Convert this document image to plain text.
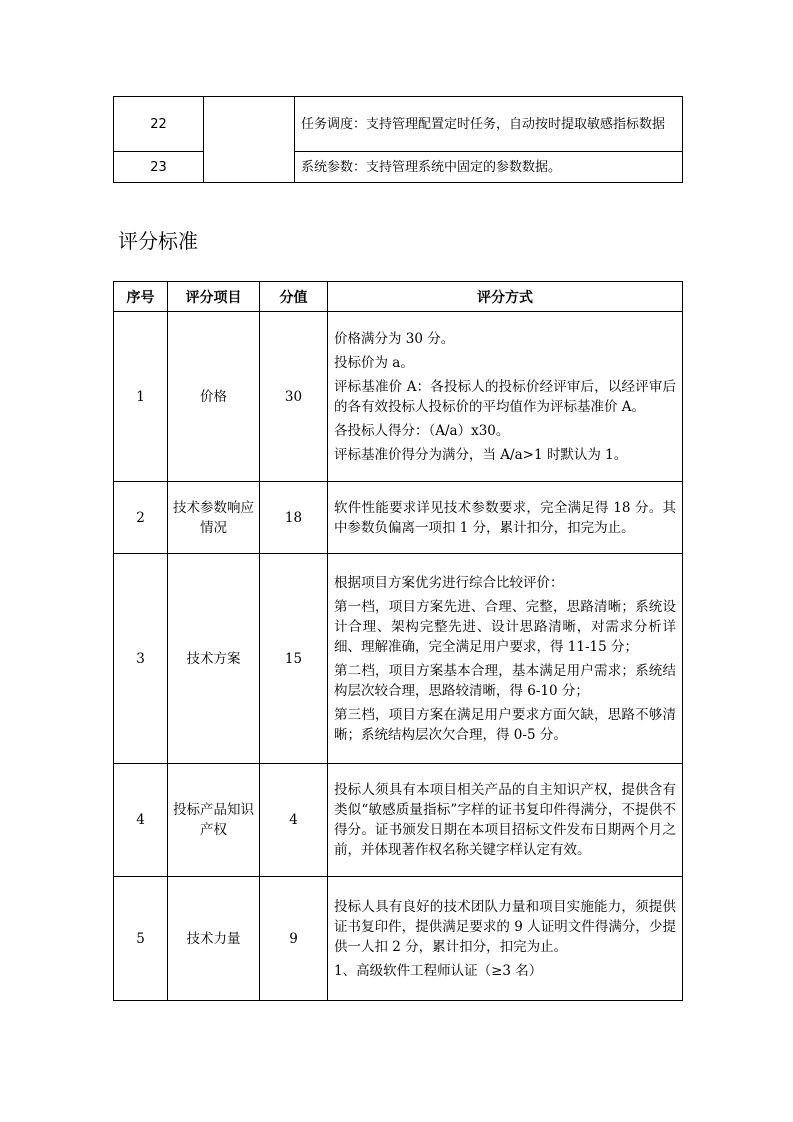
22		任务调度：支持管理配置定时任务，自动按时提取敏感指标数据
23		系统参数：支持管理系统中固定的参数数据。
评分标准
序号	评分项目	分值	评分方式
1	价格	30	价格满分为 30 分。

投标价为 a。

评标基准价 A：各投标人的投标价经评审后，以经评审后的各有效投标人投标价的平均值作为评标基准价 A。

各投标人得分：（A/a）x30。

评标基准价得分为满分，当 A/a>1 时默认为 1。

2	技术参数响应情况	18	软件性能要求详见技术参数要求，完全满足得 18 分。其中参数负偏离一项扣 1 分，累计扣分，扣完为止。

3	技术方案	15	根据项目方案优劣进行综合比较评价：

第一档，项目方案先进、合理、完整，思路清晰；系统设计合理、架构完整先进、设计思路清晰，对需求分析详细、理解准确，完全满足用户要求，得 11-15 分；

第二档，项目方案基本合理，基本满足用户需求；系统结构层次较合理，思路较清晰，得 6-10 分；

第三档，项目方案在满足用户要求方面欠缺，思路不够清晰；系统结构层次欠合理，得 0-5 分。

4	投标产品知识产权	4	投标人须具有本项目相关产品的自主知识产权，提供含有类似“敏感质量指标”字样的证书复印件得满分，不提供不得分。证书颁发日期在本项目招标文件发布日期两个月之前，并体现著作权名称关键字样认定有效。

5	技术力量	9	投标人具有良好的技术团队力量和项目实施能力，须提供证书复印件，提供满足要求的 9 人证明文件得满分，少提供一人扣 2 分，累计扣分，扣完为止。

1、高级软件工程师认证（≥3 名）
